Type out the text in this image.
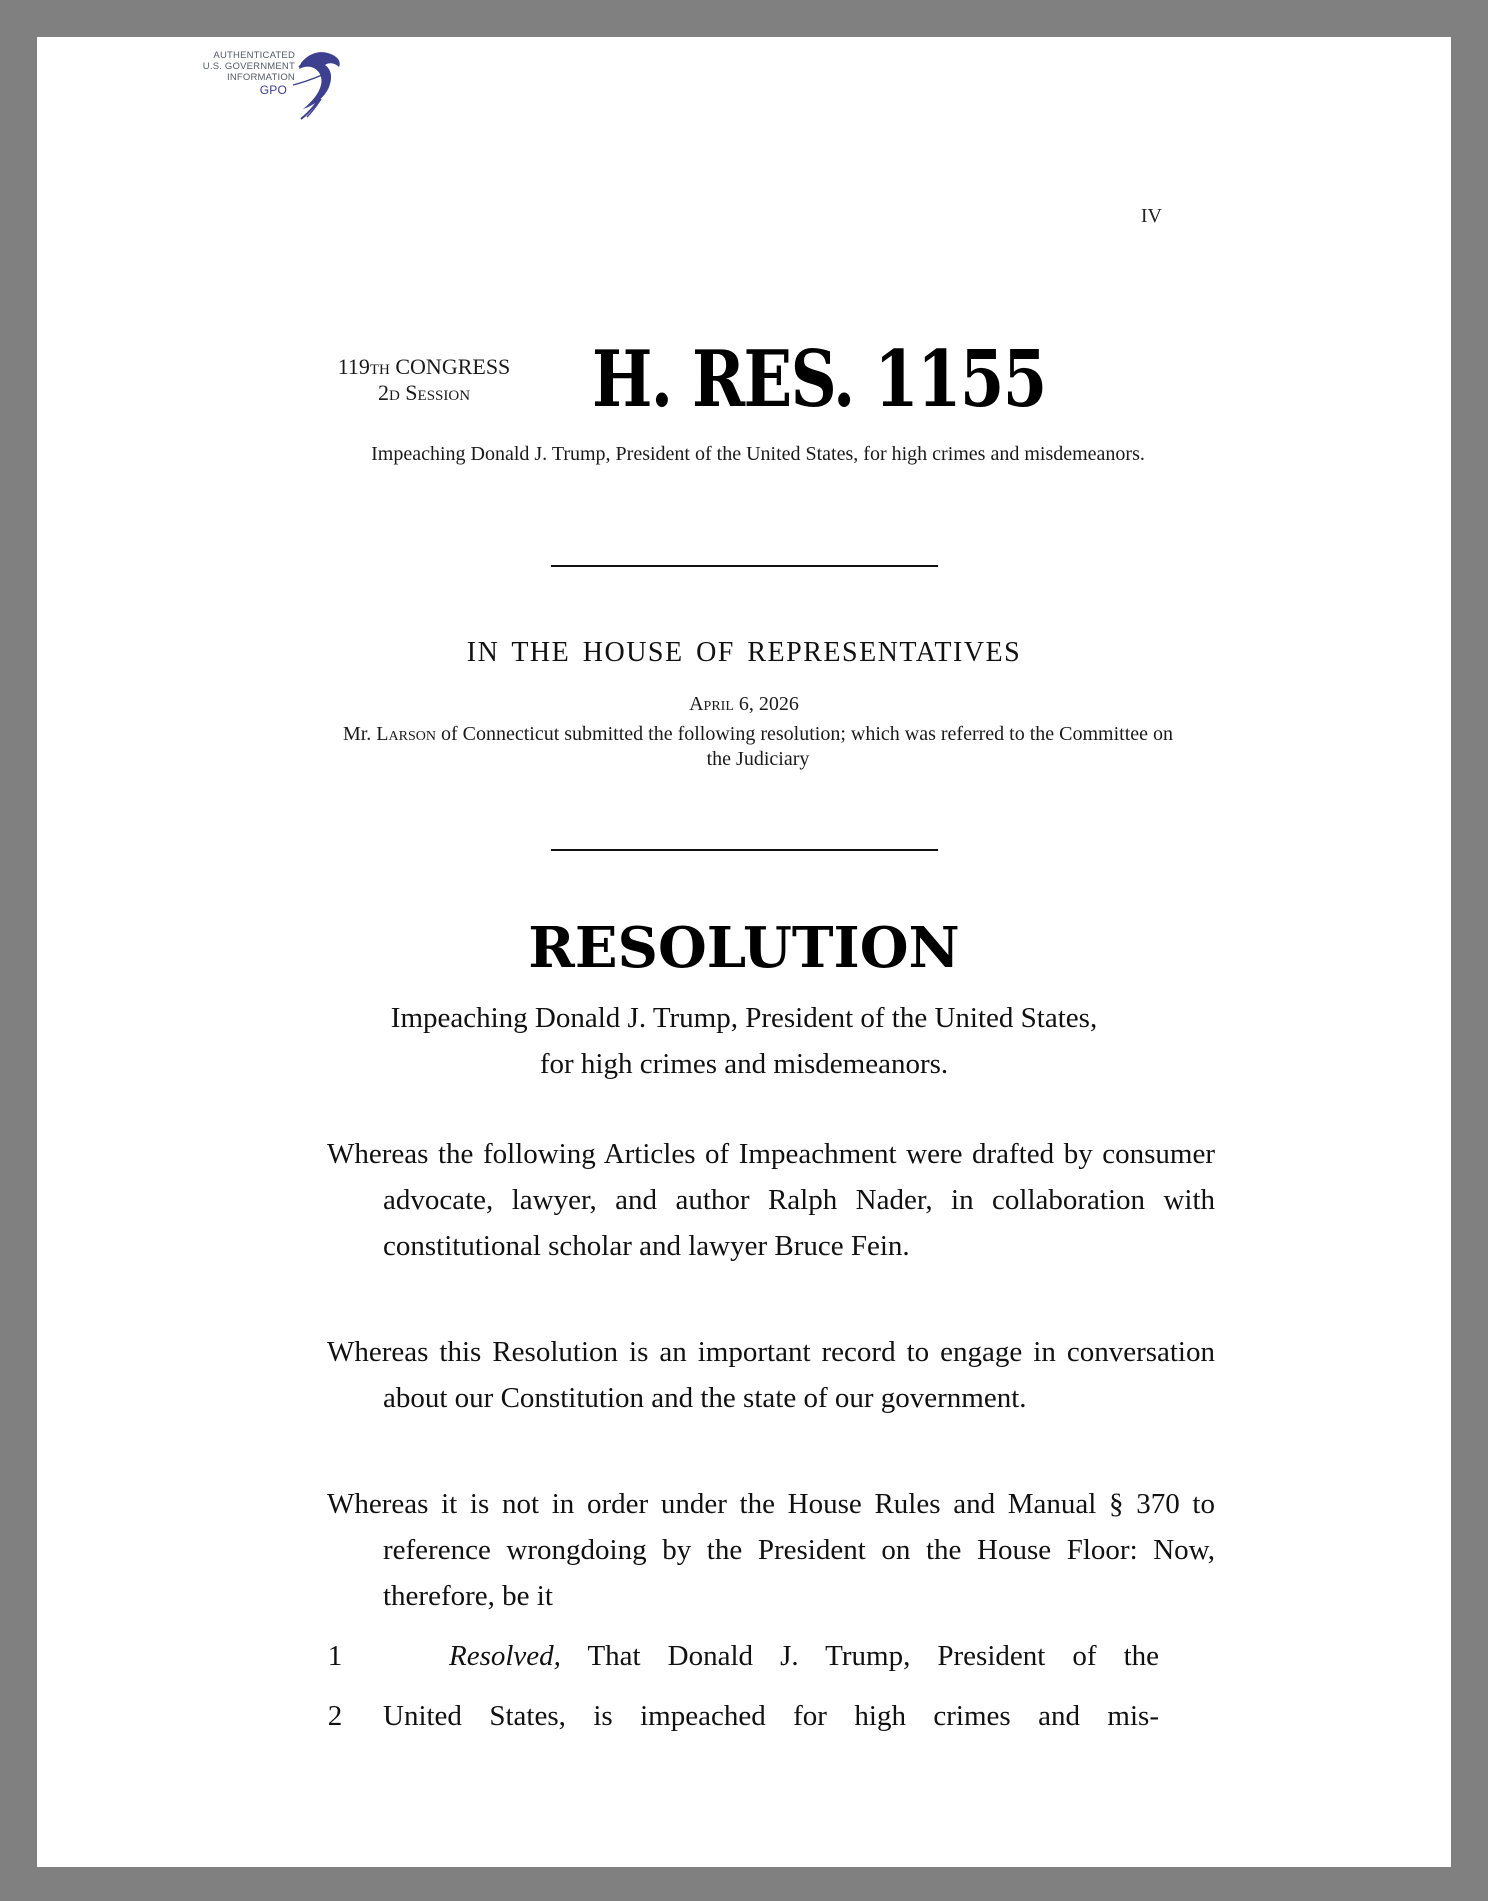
AUTHENTICATED
U.S. GOVERNMENT
INFORMATION
GPO
IV
119th CONGRESS
2d Session	H. RES. 1155
Impeaching Donald J. Trump, President of the United States, for high crimes and misdemeanors.
IN THE HOUSE OF REPRESENTATIVES
April 6, 2026
Mr. Larson of Connecticut submitted the following resolution; which was referred to the Committee on the Judiciary
RESOLUTION
Impeaching Donald J. Trump, President of the United States, for high crimes and misdemeanors.

Whereas the following Articles of Impeachment were drafted by consumer advocate, lawyer, and author Ralph Nader, in collaboration with constitutional scholar and lawyer Bruce Fein.

Whereas this Resolution is an important record to engage in conversation about our Constitution and the state of our government.

Whereas it is not in order under the House Rules and Manual § 370 to reference wrongdoing by the President on the House Floor: Now, therefore, be it

1	Resolved, That Donald J. Trump, President of the
2	United States, is impeached for high crimes and mis-
